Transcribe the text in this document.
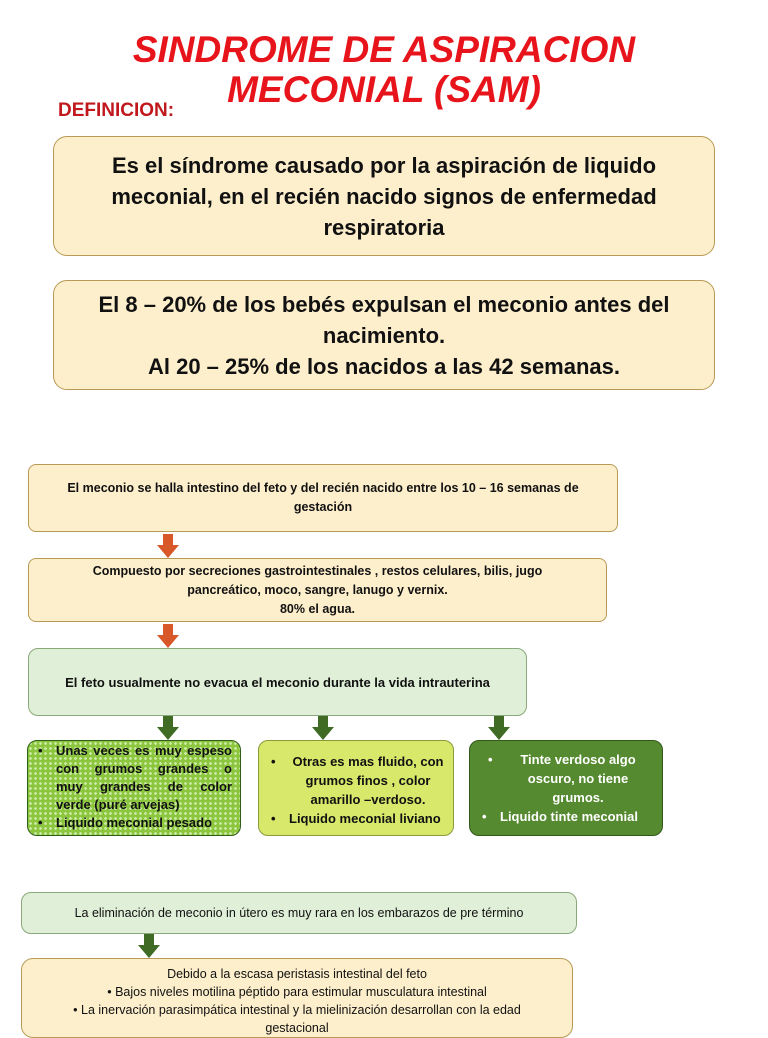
SINDROME DE ASPIRACION
MECONIAL (SAM)
DEFINICION:
Es el síndrome causado por la aspiración de liquido
meconial, en el recién nacido signos de enfermedad
respiratoria
El 8 – 20% de los bebés expulsan el meconio antes del
nacimiento.
Al 20 – 25% de los nacidos a las 42 semanas.
El meconio se halla intestino del feto y del recién nacido entre los 10 – 16 semanas de
gestación
Compuesto por secreciones gastrointestinales , restos celulares, bilis, jugo
pancreático, moco, sangre, lanugo y vernix.
80% el agua.
El feto usualmente no evacua el meconio durante la vida intrauterina
• Unas veces es muy espeso
con grumos grandes o
muy grandes de color
verde (puré arvejas)
• Liquido meconial pesado
• Otras es mas fluido, con
grumos finos , color
amarillo –verdoso.
• Liquido meconial liviano
•	Tinte verdoso algo
oscuro, no tiene
grumos.
• Liquido tinte meconial
La eliminación de meconio in útero es muy rara en los embarazos de pre término
Debido a la escasa peristasis intestinal del feto
• Bajos niveles motilina péptido para estimular musculatura intestinal
• La inervación parasimpática intestinal y la mielinización desarrollan con la edad
gestacional
